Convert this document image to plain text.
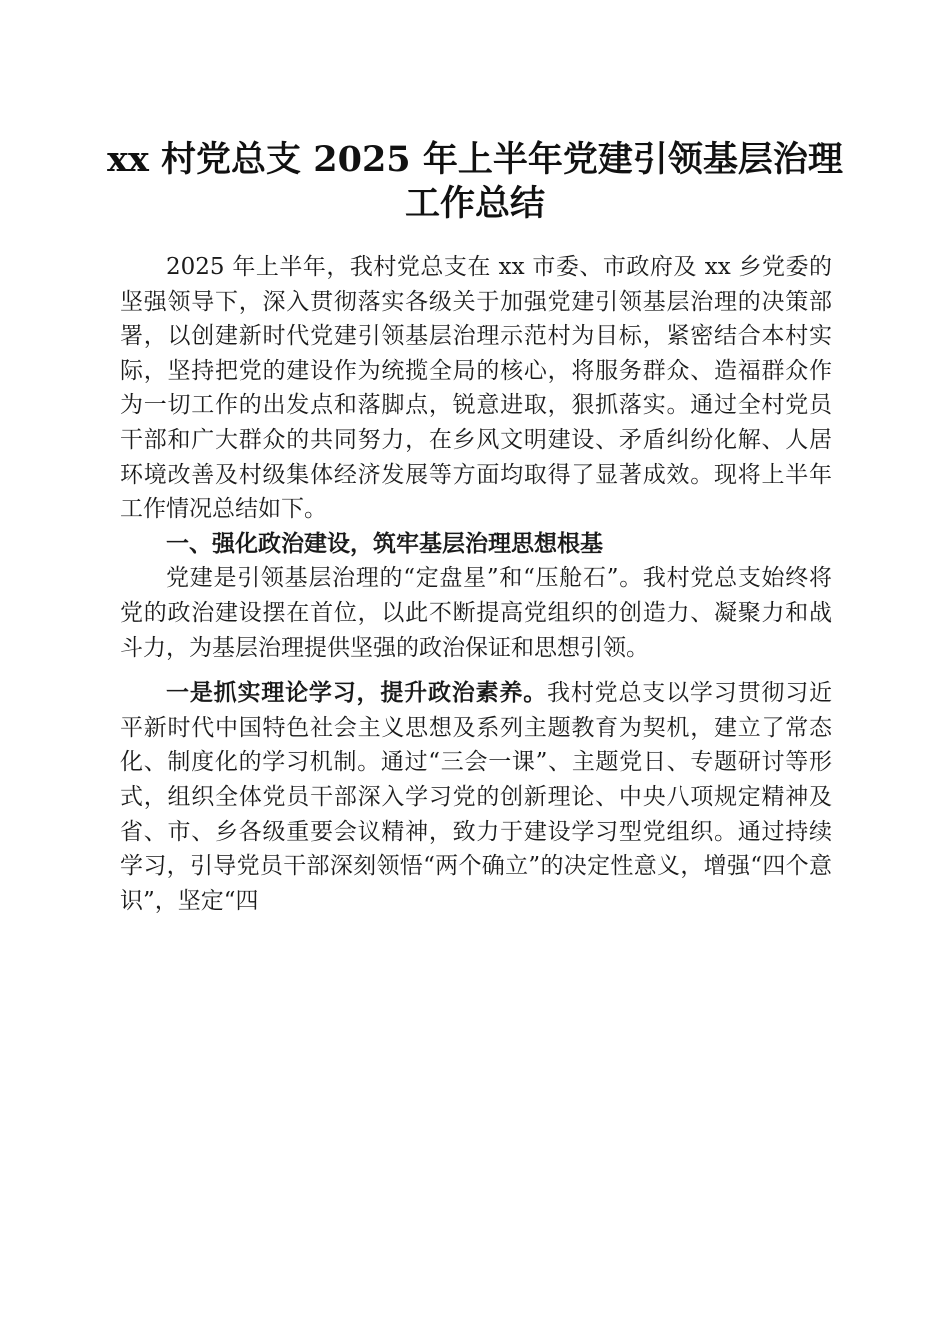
xx 村党总支 2025 年上半年党建引领基层治理
工作总结

2025 年上半年，我村党总支在 xx 市委、市政府及 xx 乡党委的坚强领导下，深入贯彻落实各级关于加强党建引领基层治理的决策部署，以创建新时代党建引领基层治理示范村为目标，紧密结合本村实际，坚持把党的建设作为统揽全局的核心，将服务群众、造福群众作为一切工作的出发点和落脚点，锐意进取，狠抓落实。通过全村党员干部和广大群众的共同努力，在乡风文明建设、矛盾纠纷化解、人居环境改善及村级集体经济发展等方面均取得了显著成效。现将上半年工作情况总结如下。

一、强化政治建设，筑牢基层治理思想根基

党建是引领基层治理的“定盘星”和“压舱石”。我村党总支始终将党的政治建设摆在首位，以此不断提高党组织的创造力、凝聚力和战斗力，为基层治理提供坚强的政治保证和思想引领。

一是抓实理论学习，提升政治素养。我村党总支以学习贯彻习近平新时代中国特色社会主义思想及系列主题教育为契机，建立了常态化、制度化的学习机制。通过“三会一课”、主题党日、专题研讨等形式，组织全体党员干部深入学习党的创新理论、中央八项规定精神及省、市、乡各级重要会议精神，致力于建设学习型党组织。通过持续学习，引导党员干部深刻领悟“两个确立”的决定性意义，增强“四个意识”，坚定“四
